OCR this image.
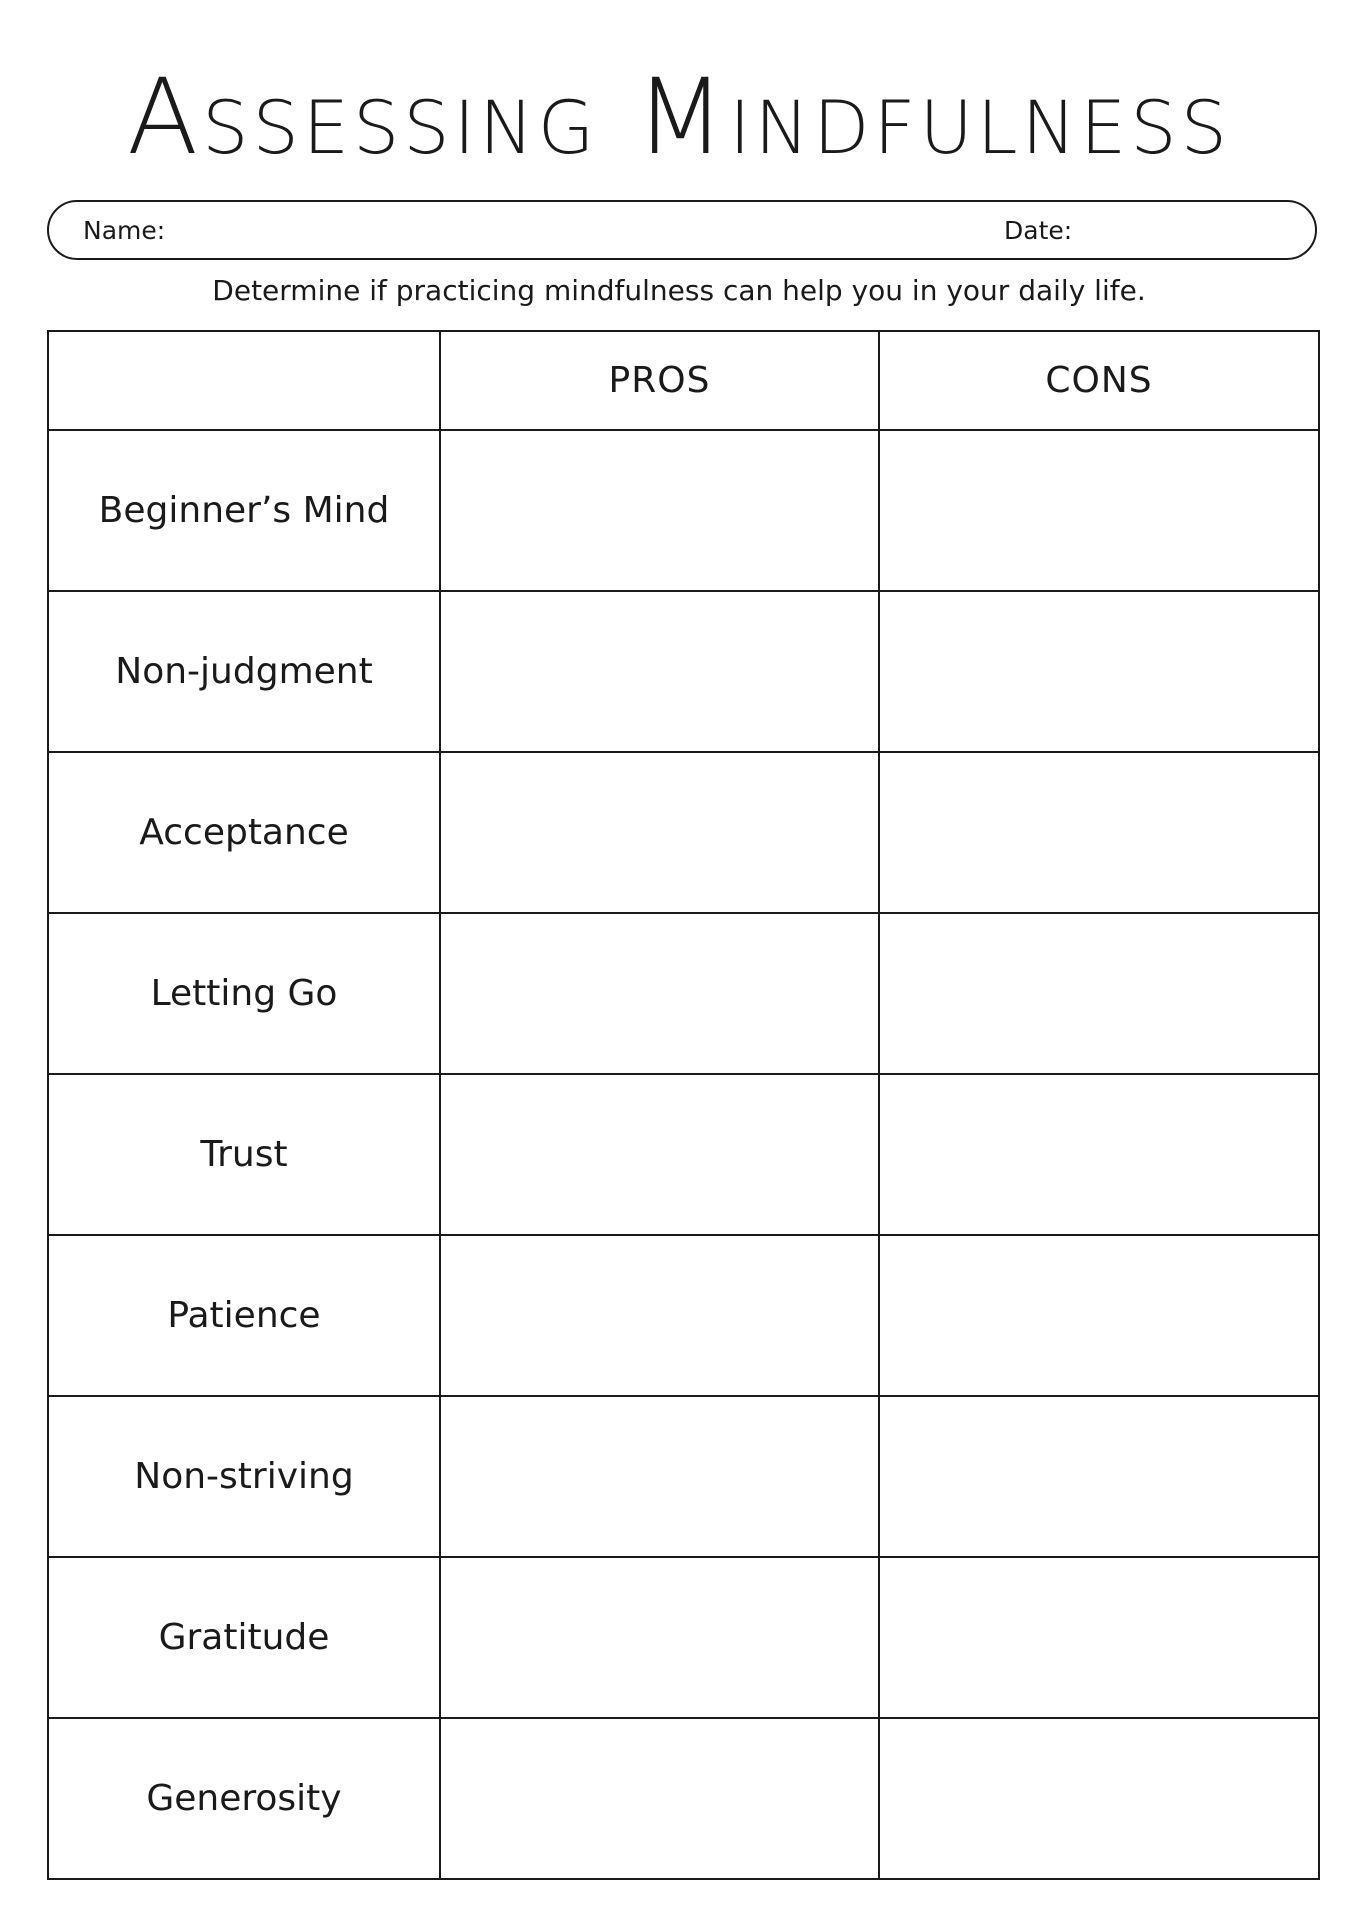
Assessing Mindfulness
Name:	Date:
Determine if practicing mindfulness can help you in your daily life.
	PROS	CONS
Beginner’s Mind		
Non-judgment		
Acceptance		
Letting Go		
Trust		
Patience		
Non-striving		
Gratitude		
Generosity		
